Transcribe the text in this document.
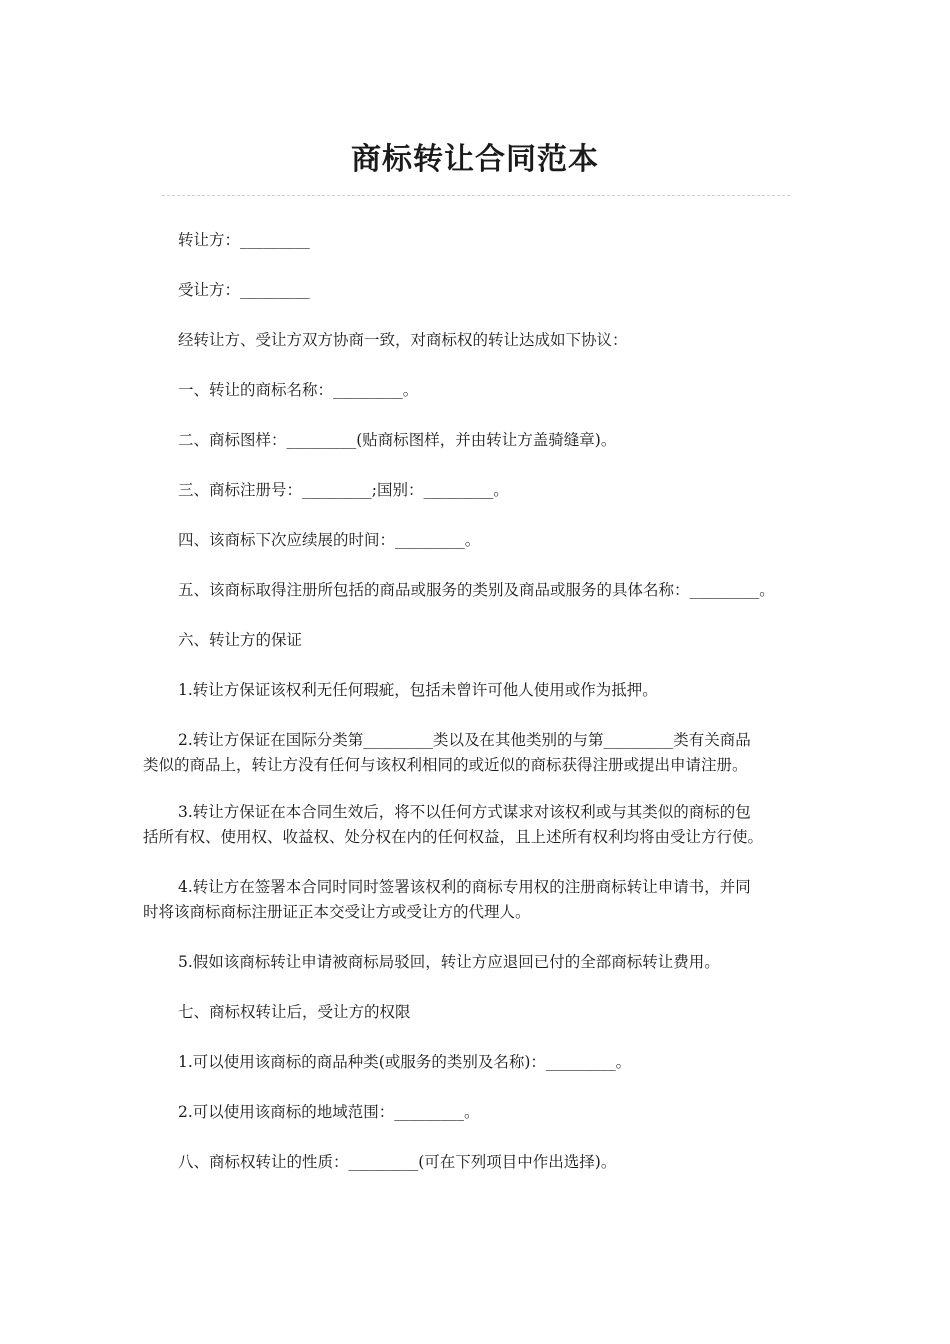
商标转让合同范本
转让方：_________
受让方：_________
经转让方、受让方双方协商一致，对商标权的转让达成如下协议：
一、转让的商标名称：_________。
二、商标图样：_________(贴商标图样，并由转让方盖骑缝章)。
三、商标注册号：_________;国别：_________。
四、该商标下次应续展的时间：_________。
五、该商标取得注册所包括的商品或服务的类别及商品或服务的具体名称：_________。
六、转让方的保证
1.转让方保证该权利无任何瑕疵，包括未曾许可他人使用或作为抵押。
2.转让方保证在国际分类第_________类以及在其他类别的与第_________类有关商品
类似的商品上，转让方没有任何与该权利相同的或近似的商标获得注册或提出申请注册。
3.转让方保证在本合同生效后，将不以任何方式谋求对该权利或与其类似的商标的包
括所有权、使用权、收益权、处分权在内的任何权益，且上述所有权利均将由受让方行使。
4.转让方在签署本合同时同时签署该权利的商标专用权的注册商标转让申请书，并同
时将该商标商标注册证正本交受让方或受让方的代理人。
5.假如该商标转让申请被商标局驳回，转让方应退回已付的全部商标转让费用。
七、商标权转让后，受让方的权限
1.可以使用该商标的商品种类(或服务的类别及名称)：_________。
2.可以使用该商标的地域范围：_________。
八、商标权转让的性质：_________(可在下列项目中作出选择)。
